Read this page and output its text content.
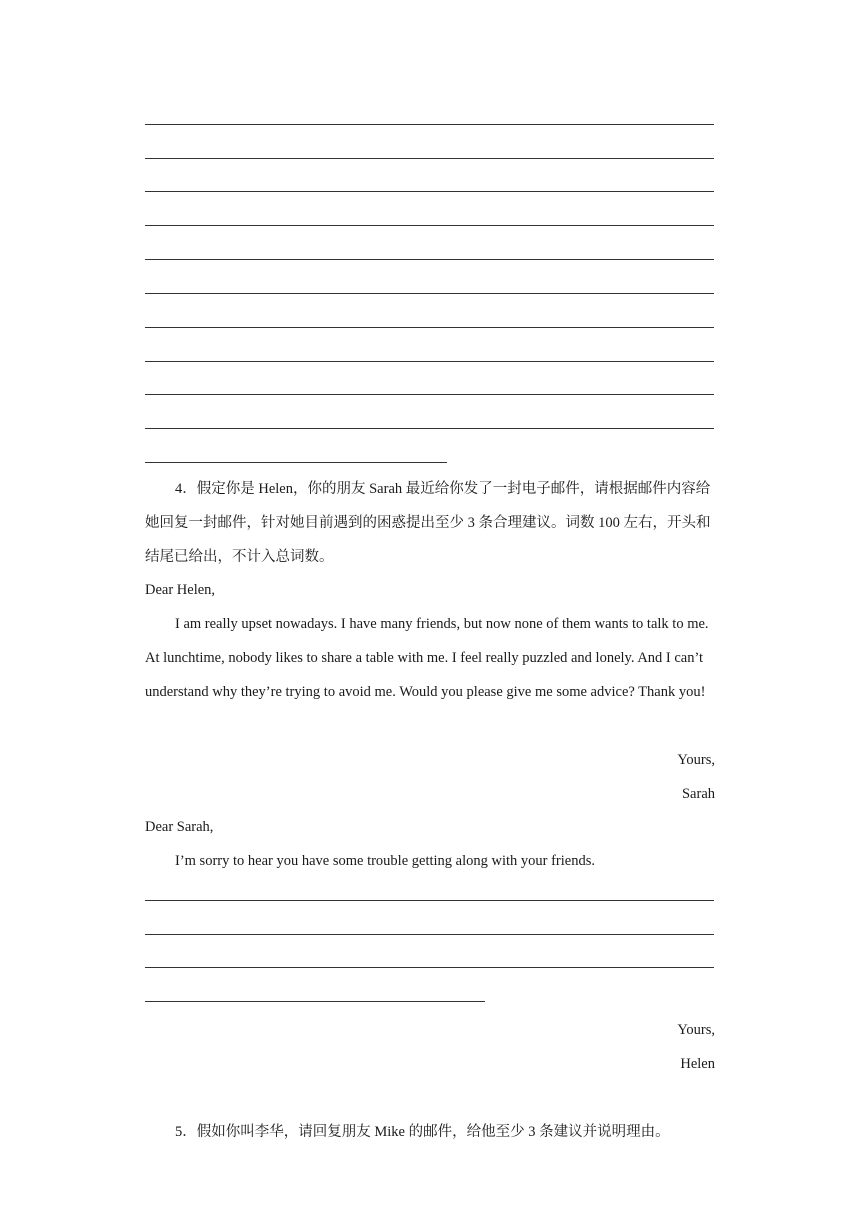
4．假定你是 Helen，你的朋友 Sarah 最近给你发了一封电子邮件，请根据邮件内容给她回复一封邮件，针对她目前遇到的困惑提出至少 3 条合理建议。词数 100 左右，开头和结尾已给出，不计入总词数。
Dear Helen,
I am really upset nowadays. I have many friends, but now none of them wants to talk to me. At lunchtime, nobody likes to share a table with me. I feel really puzzled and lonely. And I can’t understand why they’re trying to avoid me. Would you please give me some advice? Thank you!
Yours,
Sarah
Dear Sarah,
I’m sorry to hear you have some trouble getting along with your friends.
Yours,
Helen
5．假如你叫李华，请回复朋友 Mike 的邮件，给他至少 3 条建议并说明理由。
